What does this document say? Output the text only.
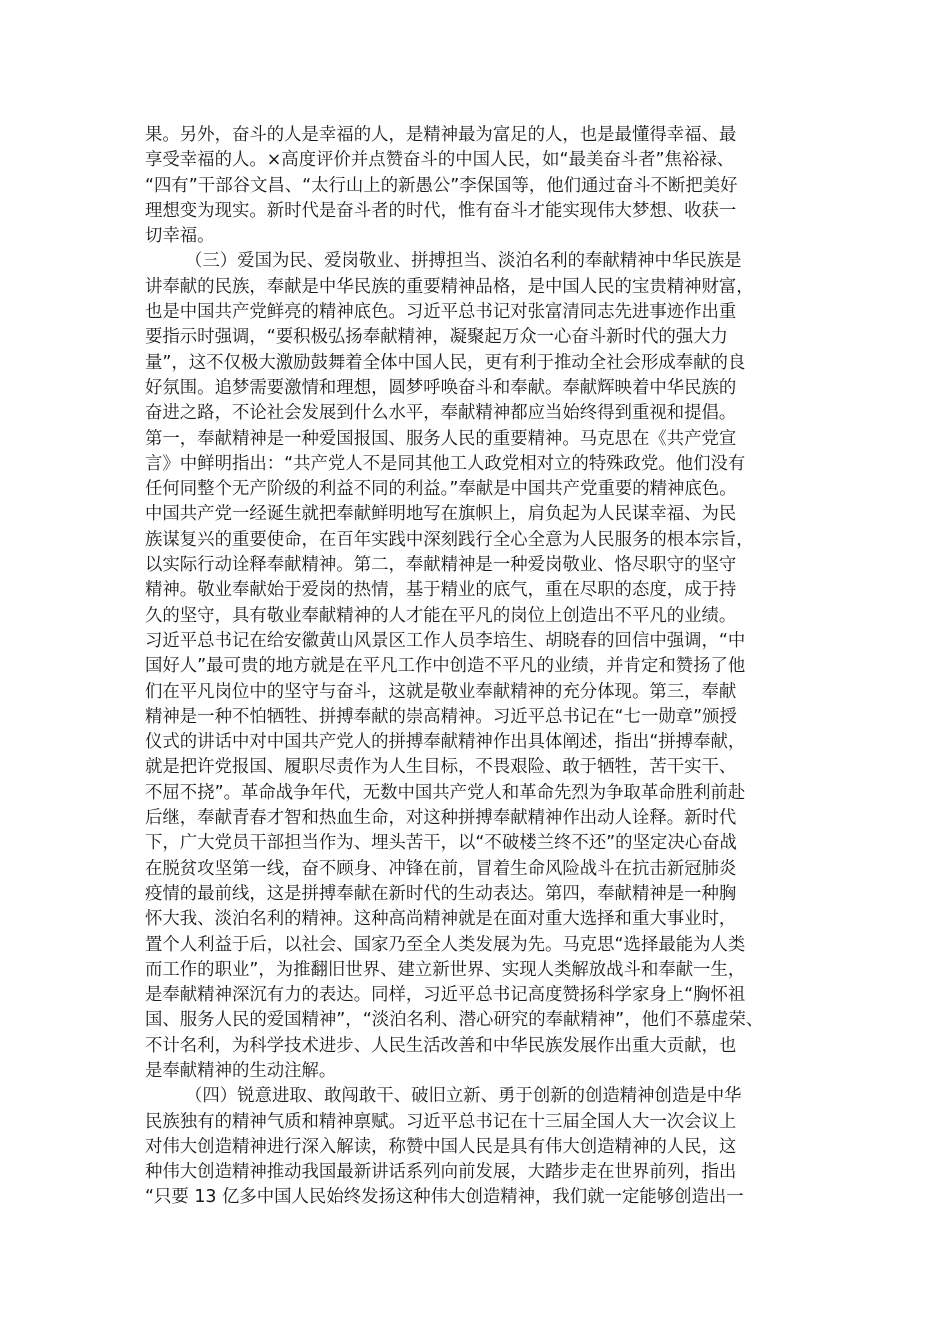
果。另外，奋斗的人是幸福的人，是精神最为富足的人，也是最懂得幸福、最
享受幸福的人。×高度评价并点赞奋斗的中国人民，如“最美奋斗者”焦裕禄、
“四有”干部谷文昌、“太行山上的新愚公”李保国等，他们通过奋斗不断把美好
理想变为现实。新时代是奋斗者的时代，惟有奋斗才能实现伟大梦想、收获一
切幸福。
（三）爱国为民、爱岗敬业、拼搏担当、淡泊名利的奉献精神中华民族是
讲奉献的民族，奉献是中华民族的重要精神品格，是中国人民的宝贵精神财富，
也是中国共产党鲜亮的精神底色。习近平总书记对张富清同志先进事迹作出重
要指示时强调，“要积极弘扬奉献精神，凝聚起万众一心奋斗新时代的强大力
量”，这不仅极大激励鼓舞着全体中国人民，更有利于推动全社会形成奉献的良
好氛围。追梦需要激情和理想，圆梦呼唤奋斗和奉献。奉献辉映着中华民族的
奋进之路，不论社会发展到什么水平，奉献精神都应当始终得到重视和提倡。
第一，奉献精神是一种爱国报国、服务人民的重要精神。马克思在《共产党宣
言》中鲜明指出：“共产党人不是同其他工人政党相对立的特殊政党。他们没有
任何同整个无产阶级的利益不同的利益。”奉献是中国共产党重要的精神底色。
中国共产党一经诞生就把奉献鲜明地写在旗帜上，肩负起为人民谋幸福、为民
族谋复兴的重要使命，在百年实践中深刻践行全心全意为人民服务的根本宗旨，
以实际行动诠释奉献精神。第二，奉献精神是一种爱岗敬业、恪尽职守的坚守
精神。敬业奉献始于爱岗的热情，基于精业的底气，重在尽职的态度，成于持
久的坚守，具有敬业奉献精神的人才能在平凡的岗位上创造出不平凡的业绩。
习近平总书记在给安徽黄山风景区工作人员李培生、胡晓春的回信中强调，“中
国好人”最可贵的地方就是在平凡工作中创造不平凡的业绩，并肯定和赞扬了他
们在平凡岗位中的坚守与奋斗，这就是敬业奉献精神的充分体现。第三，奉献
精神是一种不怕牺牲、拼搏奉献的崇高精神。习近平总书记在“七一勋章”颁授
仪式的讲话中对中国共产党人的拼搏奉献精神作出具体阐述，指出“拼搏奉献，
就是把许党报国、履职尽责作为人生目标，不畏艰险、敢于牺牲，苦干实干、
不屈不挠”。革命战争年代，无数中国共产党人和革命先烈为争取革命胜利前赴
后继，奉献青春才智和热血生命，对这种拼搏奉献精神作出动人诠释。新时代
下，广大党员干部担当作为、埋头苦干，以“不破楼兰终不还”的坚定决心奋战
在脱贫攻坚第一线，奋不顾身、冲锋在前，冒着生命风险战斗在抗击新冠肺炎
疫情的最前线，这是拼搏奉献在新时代的生动表达。第四，奉献精神是一种胸
怀大我、淡泊名利的精神。这种高尚精神就是在面对重大选择和重大事业时，
置个人利益于后，以社会、国家乃至全人类发展为先。马克思“选择最能为人类
而工作的职业”，为推翻旧世界、建立新世界、实现人类解放战斗和奉献一生，
是奉献精神深沉有力的表达。同样，习近平总书记高度赞扬科学家身上“胸怀祖
国、服务人民的爱国精神”，“淡泊名利、潜心研究的奉献精神”，他们不慕虚荣、
不计名利，为科学技术进步、人民生活改善和中华民族发展作出重大贡献，也
是奉献精神的生动注解。
（四）锐意进取、敢闯敢干、破旧立新、勇于创新的创造精神创造是中华
民族独有的精神气质和精神禀赋。习近平总书记在十三届全国人大一次会议上
对伟大创造精神进行深入解读，称赞中国人民是具有伟大创造精神的人民，这
种伟大创造精神推动我国最新讲话系列向前发展，大踏步走在世界前列，指出
“只要 13 亿多中国人民始终发扬这种伟大创造精神，我们就一定能够创造出一
